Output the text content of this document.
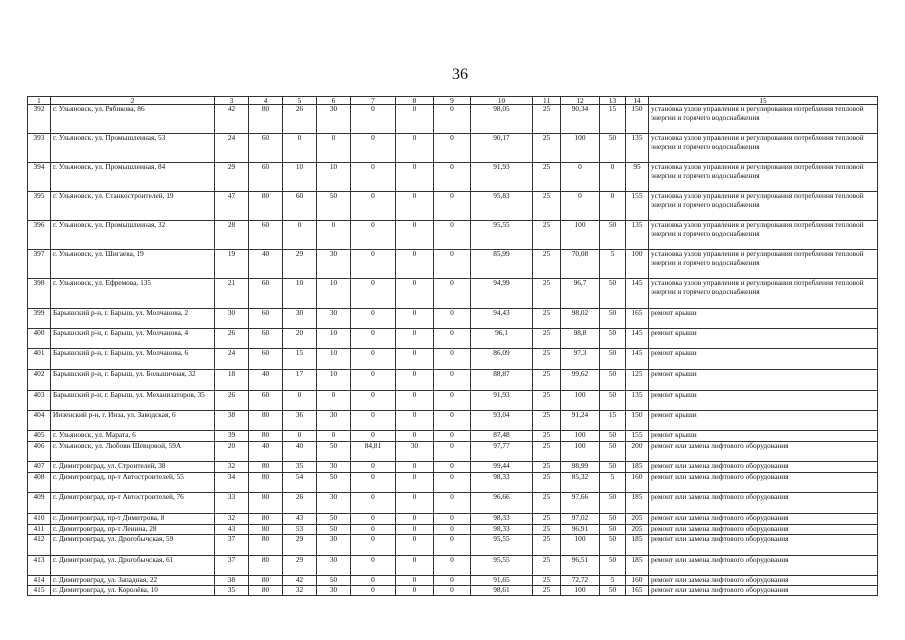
36
1	2	3	4	5	6	7	8	9	10	11	12	13	14	15
392	г. Ульяновск, ул. Рябикова, 86	42	80	26	30	0	0	0	98,05	25	90,34	15	150	установка узлов управления и регулирования потребления тепловой энергии и горячего водоснабжения
393	г. Ульяновск, ул. Промышленная, 53	24	60	0	0	0	0	0	90,17	25	100	50	135	установка узлов управления и регулирования потребления тепловой энергии и горячего водоснабжения
394	г. Ульяновск, ул. Промышленная, 84	29	60	10	10	0	0	0	91,93	25	0	0	95	установка узлов управления и регулирования потребления тепловой энергии и горячего водоснабжения
395	г. Ульяновск, ул. Станкостроителей, 19	47	80	60	50	0	0	0	95,83	25	0	0	155	установка узлов управления и регулирования потребления тепловой энергии и горячего водоснабжения
396	г. Ульяновск, ул. Промышленная, 32	28	60	0	0	0	0	0	95,55	25	100	50	135	установка узлов управления и регулирования потребления тепловой энергии и горячего водоснабжения
397	г. Ульяновск, ул. Шигаева, 19	19	40	29	30	0	0	0	85,99	25	70,08	5	100	установка узлов управления и регулирования потребления тепловой энергии и горячего водоснабжения
398	г. Ульяновск, ул. Ефремова, 135	21	60	10	10	0	0	0	94,99	25	96,7	50	145	установка узлов управления и регулирования потребления тепловой энергии и горячего водоснабжения
399	Барышский р-н, г. Барыш, ул. Молчанова, 2	30	60	30	30	0	0	0	94,43	25	98,02	50	165	ремонт крыши
400	Барышский р-н, г. Барыш, ул. Молчанова, 4	26	60	20	10	0	0	0	96,1	25	98,8	50	145	ремонт крыши
401	Барышский р-н, г. Барыш, ул. Молчанова, 6	24	60	15	10	0	0	0	86,09	25	97,3	50	145	ремонт крыши
402	Барышский р-н, г. Барыш, ул. Большичная, 32	18	40	17	10	0	0	0	88,87	25	99,62	50	125	ремонт крыши
403	Барышский р-н, г. Барыш, ул. Механизаторов, 35	26	60	0	0	0	0	0	91,93	25	100	50	135	ремонт крыши
404	Инзенский р-н, г. Инза, ул. Заводская, 6	38	80	36	30	0	0	0	93,04	25	91,24	15	150	ремонт крыши
405	г. Ульяновск, ул. Марата, 6	39	80	0	0	0	0	0	87,48	25	100	50	155	ремонт крыши
406	г. Ульяновск, ул. Любови Шевцовой, 59А	20	40	40	50	84,81	30	0	97,77	25	100	50	200	ремонт или замена лифтового оборудования
407	г. Димитровград, ул. Строителей, 38	32	80	35	30	0	0	0	99,44	25	98,99	50	185	ремонт или замена лифтового оборудования
408	г. Димитровград, пр-т Автостроителей, 55	34	80	54	50	0	0	0	98,33	25	85,32	5	160	ремонт или замена лифтового оборудования
409	г. Димитровград, пр-т Автостроителей, 76	33	80	26	30	0	0	0	96,66	25	97,66	50	185	ремонт или замена лифтового оборудования
410	г. Димитровград, пр-т Димитрова, 8	32	80	43	50	0	0	0	98,33	25	97,02	50	205	ремонт или замена лифтового оборудования
411	г. Димитровград, пр-т Ленина, 28	43	80	53	50	0	0	0	98,33	25	96,91	50	205	ремонт или замена лифтового оборудования
412	г. Димитровград, ул. Дрогобычская, 59	37	80	29	30	0	0	0	95,55	25	100	50	185	ремонт или замена лифтового оборудования
413	г. Димитровград, ул. Дрогобычская, 61	37	80	29	30	0	0	0	95,55	25	96,51	50	185	ремонт или замена лифтового оборудования
414	г. Димитровград, ул. Западная, 22	38	80	42	50	0	0	0	91,65	25	72,72	5	160	ремонт или замена лифтового оборудования
415	г. Димитровград, ул. Королёва, 10	35	80	32	30	0	0	0	98,61	25	100	50	165	ремонт или замена лифтового оборудования
